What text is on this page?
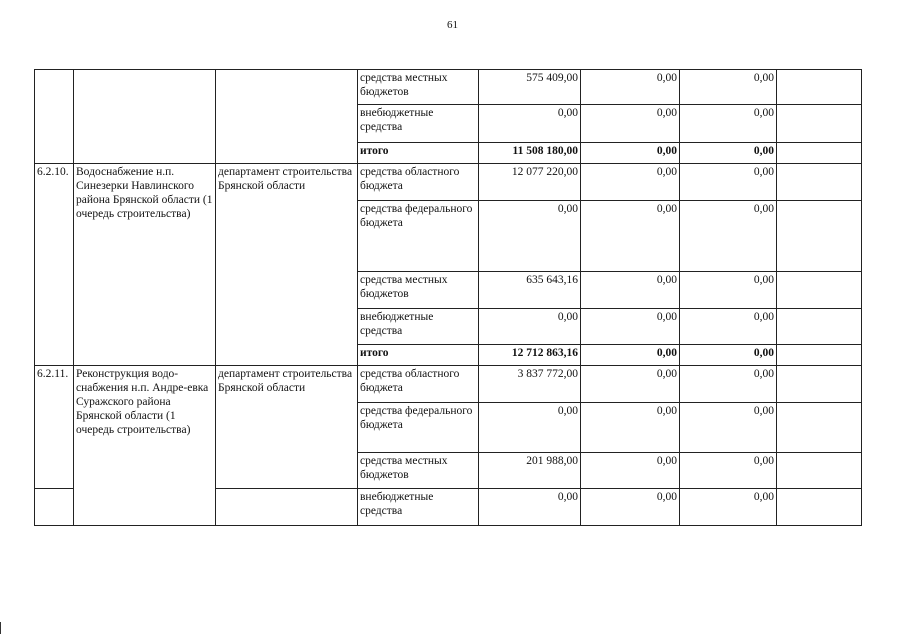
61
			средства местных бюджетов	575 409,00	0,00	0,00	
			внебюджетные средства	0,00	0,00	0,00	
			итого	11 508 180,00	0,00	0,00	
6.2.10.	Водоснабжение н.п. Синезерки Навлинского района Брянской области (1 очередь строительства)	департамент строительства Брянской области	средства областного бюджета	12 077 220,00	0,00	0,00	
			средства федерального бюджета	0,00	0,00	0,00	
			средства местных бюджетов	635 643,16	0,00	0,00	
			внебюджетные средства	0,00	0,00	0,00	
			итого	12 712 863,16	0,00	0,00	
6.2.11.	Реконструкция водо-снабжения н.п. Андре-евка Суражского района Брянской области (1 очередь строительства)	департамент строительства Брянской области	средства областного бюджета	3 837 772,00	0,00	0,00	
			средства федерального бюджета	0,00	0,00	0,00	
			средства местных бюджетов	201 988,00	0,00	0,00	
			внебюджетные средства	0,00	0,00	0,00	
